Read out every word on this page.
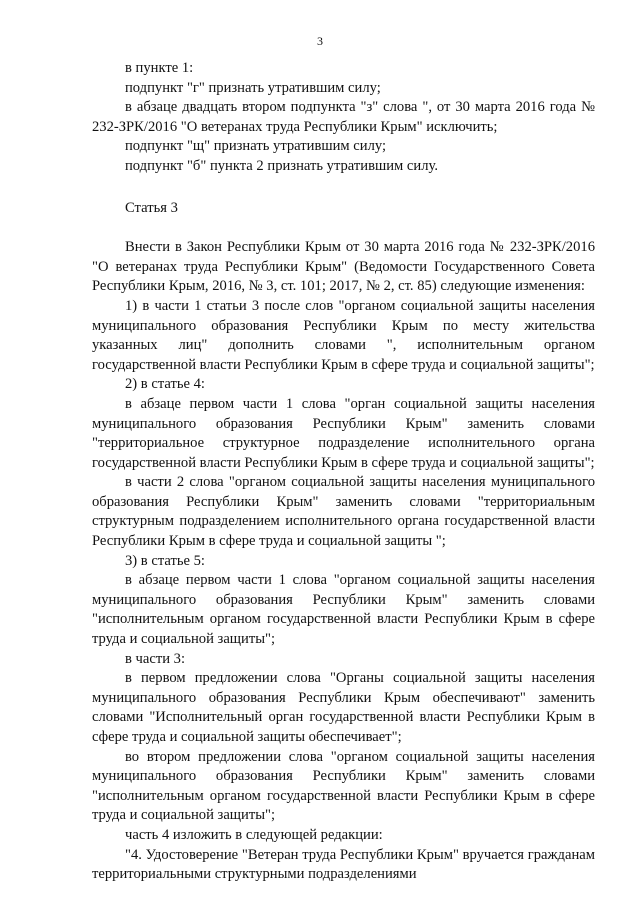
3

в пункте 1:

подпункт "г" признать утратившим силу;

в абзаце двадцать втором подпункта "з" слова ", от 30 марта 2016 года № 232-ЗРК/2016 "О ветеранах труда Республики Крым" исключить;

подпункт "щ" признать утратившим силу;

подпункт "б" пункта 2 признать утратившим силу.

Статья 3

Внести в Закон Республики Крым от 30 марта 2016 года № 232-ЗРК/2016 "О ветеранах труда Республики Крым" (Ведомости Государственного Совета Республики Крым, 2016, № 3, ст. 101; 2017, № 2, ст. 85) следующие изменения:

1) в части 1 статьи 3 после слов "органом социальной защиты населения муниципального образования Республики Крым по месту жительства указанных лиц" дополнить словами ", исполнительным органом государственной власти Республики Крым в сфере труда и социальной защиты";

2) в статье 4:

в абзаце первом части 1 слова "орган социальной защиты населения муниципального образования Республики Крым" заменить словами "территориальное структурное подразделение исполнительного органа государственной власти Республики Крым в сфере труда и социальной защиты";

в части 2 слова "органом социальной защиты населения муниципального образования Республики Крым" заменить словами "территориальным структурным подразделением исполнительного органа государственной власти Республики Крым в сфере труда и социальной защиты ";

3) в статье 5:

в абзаце первом части 1 слова "органом социальной защиты населения муниципального образования Республики Крым" заменить словами "исполнительным органом государственной власти Республики Крым в сфере труда и социальной защиты";

в части 3:

в первом предложении слова "Органы социальной защиты населения муниципального образования Республики Крым обеспечивают" заменить словами "Исполнительный орган государственной власти Республики Крым в сфере труда и социальной защиты обеспечивает";

во втором предложении слова "органом социальной защиты населения муниципального образования Республики Крым" заменить словами "исполнительным органом государственной власти Республики Крым в сфере труда и социальной защиты";

часть 4 изложить в следующей редакции:

"4. Удостоверение "Ветеран труда Республики Крым" вручается гражданам территориальными структурными подразделениями
